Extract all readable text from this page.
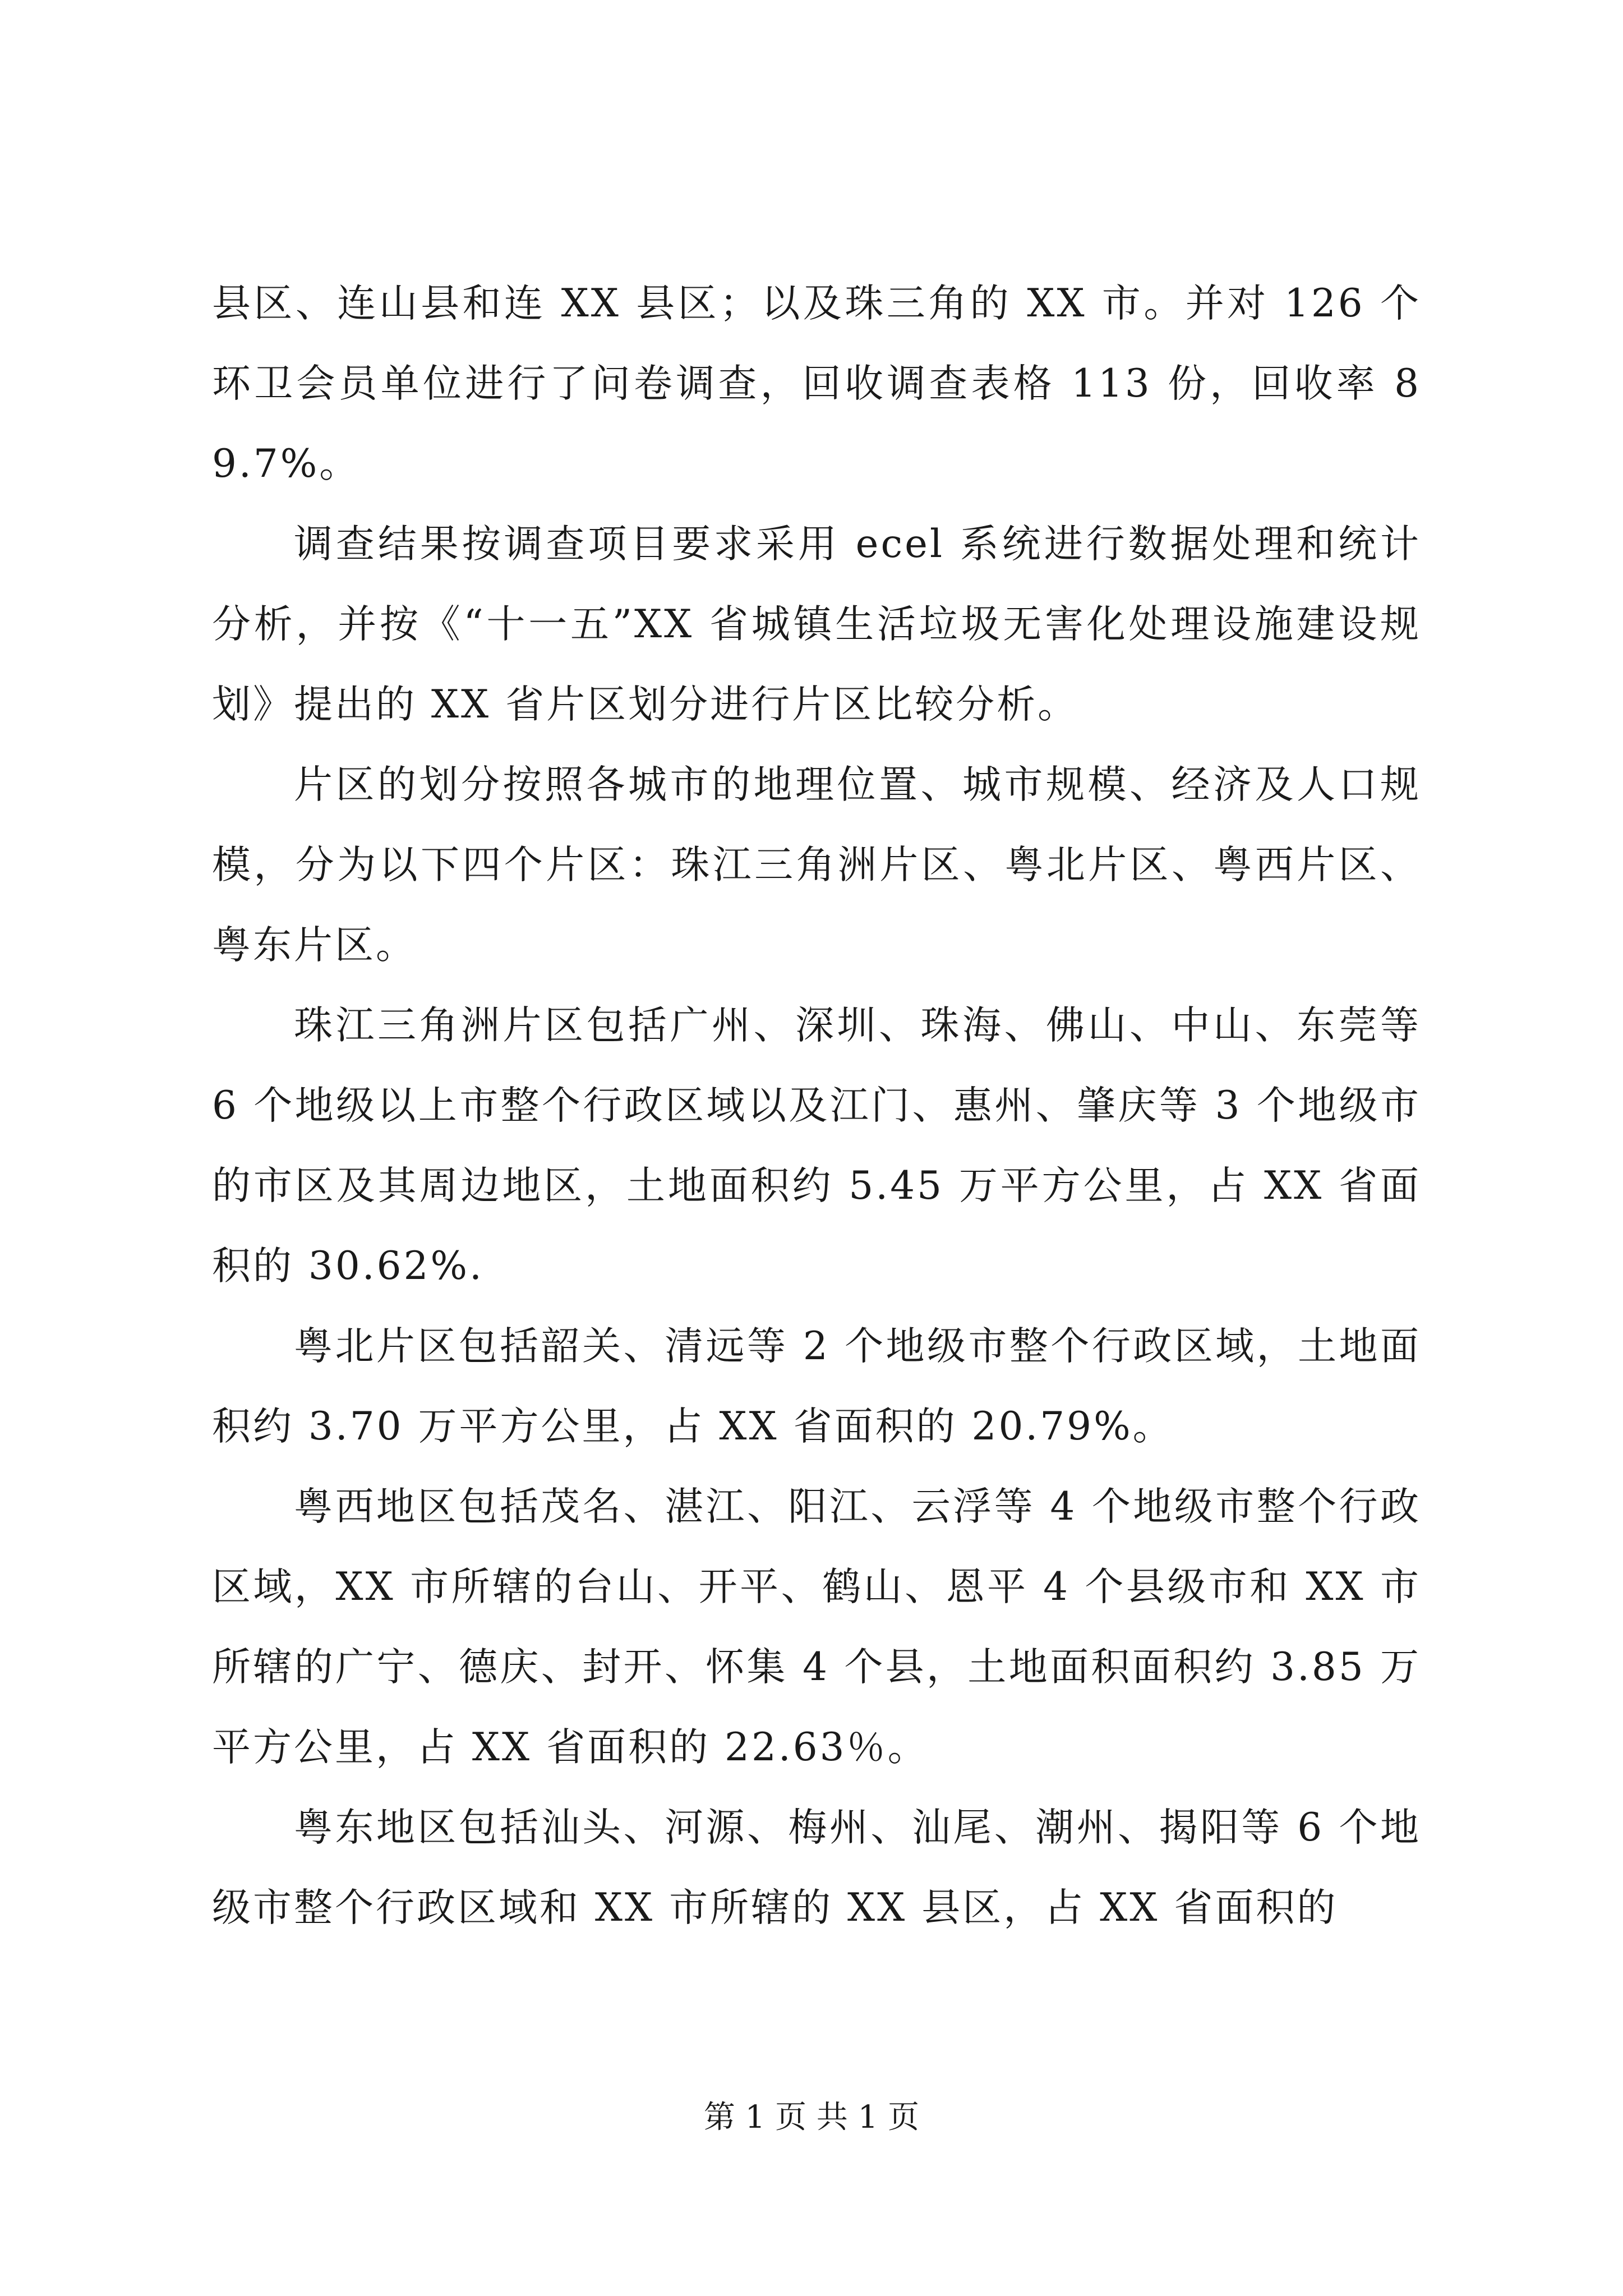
县区、连山县和连 XX 县区；以及珠三角的 XX 市。并对 126 个环卫会员单位进行了问卷调查，回收调查表格 113 份，回收率 89.7%。

调查结果按调查项目要求采用 ecel 系统进行数据处理和统计分析，并按《“十一五”XX 省城镇生活垃圾无害化处理设施建设规划》提出的 XX 省片区划分进行片区比较分析。

片区的划分按照各城市的地理位置、城市规模、经济及人口规模，分为以下四个片区：珠江三角洲片区、粤北片区、粤西片区、粤东片区。

珠江三角洲片区包括广州、深圳、珠海、佛山、中山、东莞等 6 个地级以上市整个行政区域以及江门、惠州、肇庆等 3 个地级市的市区及其周边地区，土地面积约 5.45 万平方公里，占 XX 省面积的 30.62%.

粤北片区包括韶关、清远等 2 个地级市整个行政区域，土地面积约 3.70 万平方公里，占 XX 省面积的 20.79%。

粤西地区包括茂名、湛江、阳江、云浮等 4 个地级市整个行政区域，XX 市所辖的台山、开平、鹤山、恩平 4 个县级市和 XX 市所辖的广宁、德庆、封开、怀集 4 个县，土地面积面积约 3.85 万平方公里，占 XX 省面积的 22.63％。

粤东地区包括汕头、河源、梅州、汕尾、潮州、揭阳等 6 个地级市整个行政区域和 XX 市所辖的 XX 县区，占 XX 省面积的

第 1 页 共 1 页
